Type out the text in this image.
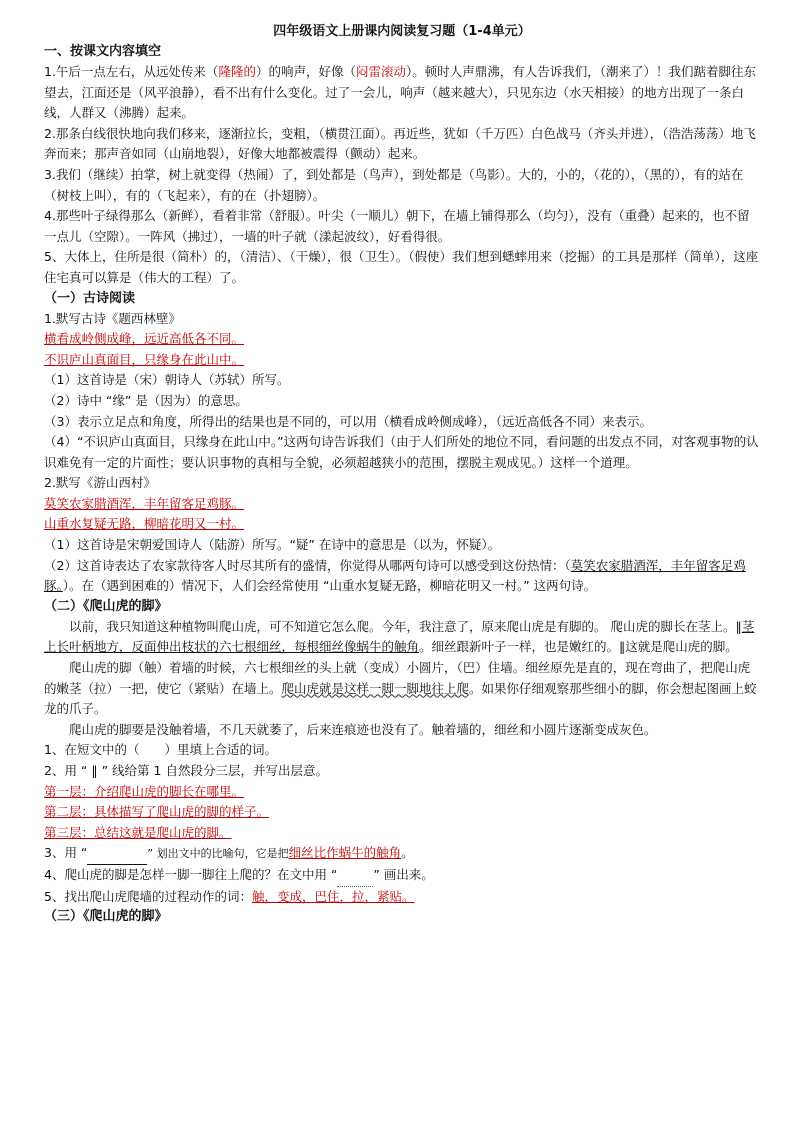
四年级语文上册课内阅读复习题（1-4单元）
一、按课文内容填空

1.午后一点左右，从远处传来（隆隆的）的响声，好像（闷雷滚动）。顿时人声鼎沸，有人告诉我们，（潮来了）！我们踮着脚往东望去，江面还是（风平浪静），看不出有什么变化。过了一会儿，响声（越来越大），只见东边（水天相接）的地方出现了一条白线，人群又（沸腾）起来。

2.那条白线很快地向我们移来，逐渐拉长，变粗，（横贯江面）。再近些，犹如（千万匹）白色战马（齐头并进），（浩浩荡荡）地飞奔而来；那声音如同（山崩地裂），好像大地都被震得（颤动）起来。

3.我们（继续）拍掌，树上就变得（热闹）了，到处都是（鸟声），到处都是（鸟影）。大的，小的，（花的），（黑的），有的站在（树枝上叫），有的（飞起来），有的在（扑翅膀）。

4.那些叶子绿得那么（新鲜），看着非常（舒服）。叶尖（一顺儿）朝下，在墙上铺得那么（均匀），没有（重叠）起来的，也不留一点儿（空隙）。一阵风（拂过），一墙的叶子就（漾起波纹），好看得很。

5、大体上，住所是很（简朴）的，（清洁）、（干燥），很（卫生）。（假使）我们想到蟋蟀用来（挖掘）的工具是那样（简单），这座住宅真可以算是（伟大的工程）了。

（一）古诗阅读

1.默写古诗《题西林壁》

横看成岭侧成峰，远近高低各不同。

不识庐山真面目，只缘身在此山中。

（1）这首诗是（宋）朝诗人（苏轼）所写。

（2）诗中 “缘” 是（因为）的意思。

（3）表示立足点和角度，所得出的结果也是不同的，可以用（横看成岭侧成峰），（远近高低各不同）来表示。

（4）“不识庐山真面目，只缘身在此山中。”这两句诗告诉我们（由于人们所处的地位不同，看问题的出发点不同，对客观事物的认识难免有一定的片面性；要认识事物的真相与全貌，必须超越狭小的范围，摆脱主观成见。）这样一个道理。

2.默写《游山西村》

莫笑农家腊酒浑，丰年留客足鸡豚。

山重水复疑无路，柳暗花明又一村。

（1）这首诗是宋朝爱国诗人（陆游）所写。“疑” 在诗中的意思是（以为，怀疑）。

（2）这首诗表达了农家款待客人时尽其所有的盛情，你觉得从哪两句诗可以感受到这份热情：（莫笑农家腊酒浑，丰年留客足鸡豚。）。在（遇到困难的）情况下，人们会经常使用 “山重水复疑无路，柳暗花明又一村。” 这两句诗。

（二）《爬山虎的脚》

以前，我只知道这种植物叫爬山虎，可不知道它怎么爬。今年，我注意了，原来爬山虎是有脚的。 爬山虎的脚长在茎上。‖茎上长叶柄地方，反面伸出枝状的六七根细丝，每根细丝像蜗牛的触角。细丝跟新叶子一样，也是嫩红的。‖这就是爬山虎的脚。

爬山虎的脚（触）着墙的时候，六七根细丝的头上就（变成）小圆片，（巴）住墙。细丝原先是直的，现在弯曲了，把爬山虎的嫩茎（拉）一把，使它（紧贴）在墙上。爬山虎就是这样一脚一脚地往上爬。如果你仔细观察那些细小的脚，你会想起图画上蛟龙的爪子。

爬山虎的脚要是没触着墙，不几天就萎了，后来连痕迹也没有了。触着墙的，细丝和小圆片逐渐变成灰色。

1、在短文中的（　　）里填上合适的词。

2、用 “ ‖ ” 线给第 1 自然段分三层，并写出层意。

第一层：介绍爬山虎的脚长在哪里。

第二层：具体描写了爬山虎的脚的样子。

第三层：总结这就是爬山虎的脚。

3、用 “	” 划出文中的比喻句，它是把细丝比作蜗牛的触角。

4、爬山虎的脚是怎样一脚一脚往上爬的？在文中用 “	” 画出来。

5、找出爬山虎爬墙的过程动作的词：触，变成，巴住，拉，紧贴。

（三）《爬山虎的脚》
